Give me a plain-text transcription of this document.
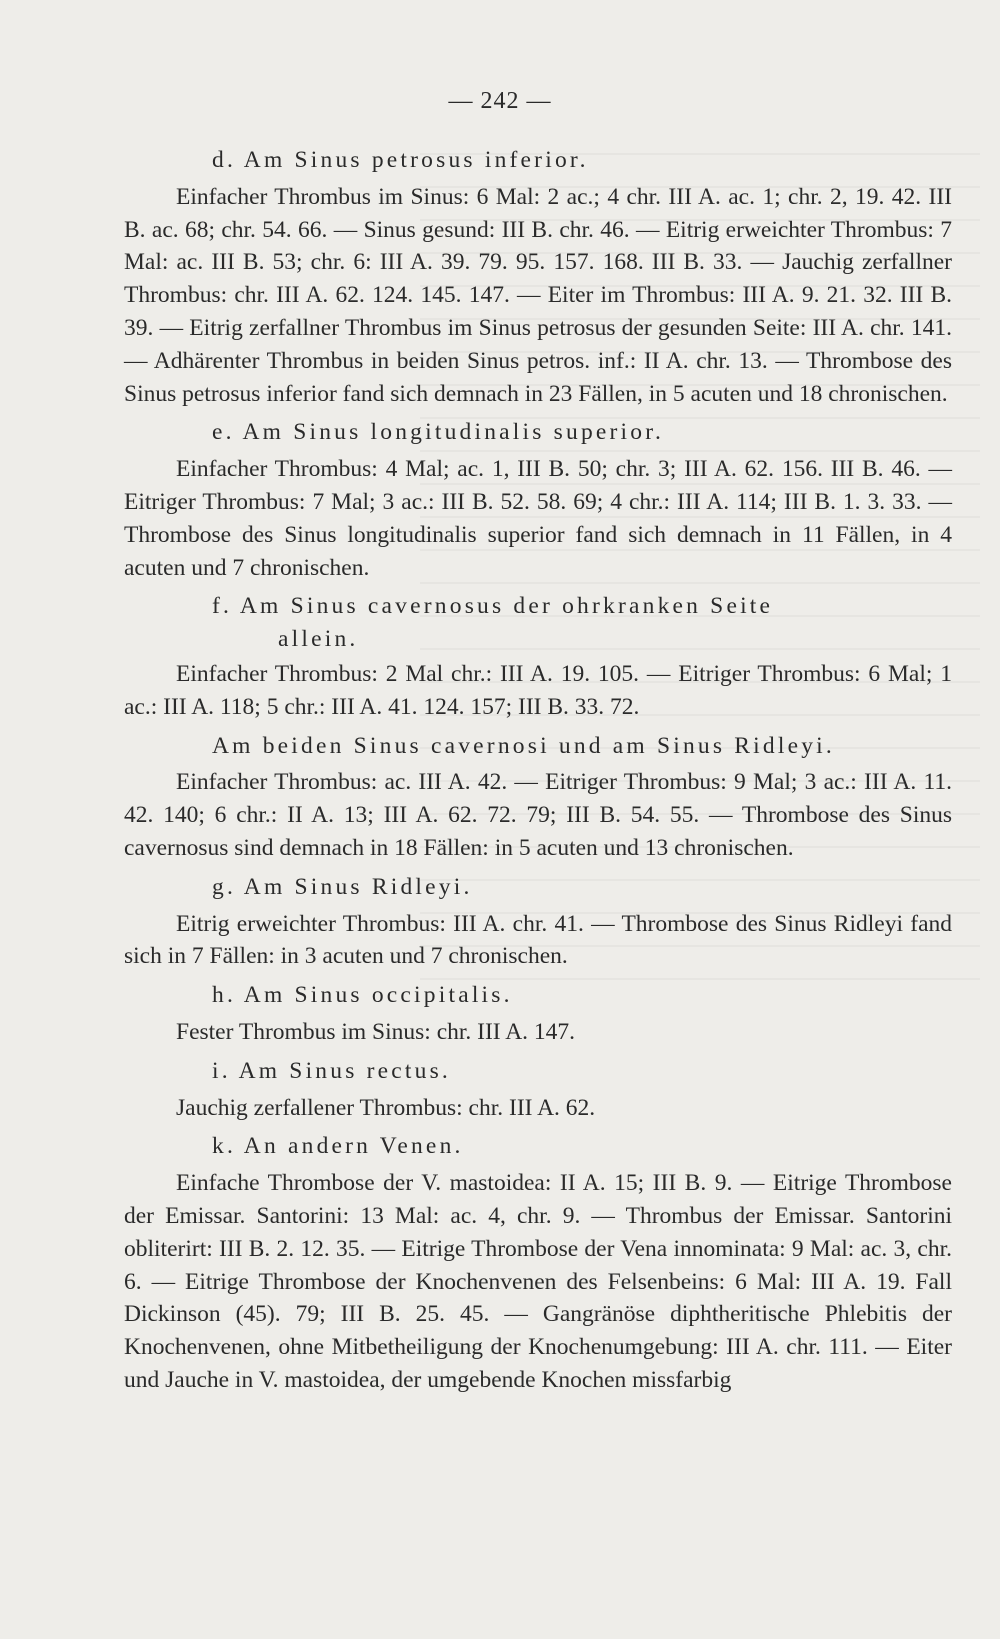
— 242 —

d. Am Sinus petrosus inferior.

Einfacher Thrombus im Sinus: 6 Mal: 2 ac.; 4 chr. III A. ac. 1; chr. 2, 19. 42. III B. ac. 68; chr. 54. 66. — Sinus gesund: III B. chr. 46. — Eitrig erweichter Thrombus: 7 Mal: ac. III B. 53; chr. 6: III A. 39. 79. 95. 157. 168. III B. 33. — Jauchig zerfallner Thrombus: chr. III A. 62. 124. 145. 147. — Eiter im Thrombus: III A. 9. 21. 32. III B. 39. — Eitrig zerfallner Thrombus im Sinus petrosus der gesunden Seite: III A. chr. 141. — Adhärenter Thrombus in beiden Sinus petros. inf.: II A. chr. 13. — Thrombose des Sinus petrosus inferior fand sich demnach in 23 Fällen, in 5 acuten und 18 chronischen.

e. Am Sinus longitudinalis superior.

Einfacher Thrombus: 4 Mal; ac. 1, III B. 50; chr. 3; III A. 62. 156. III B. 46. — Eitriger Thrombus: 7 Mal; 3 ac.: III B. 52. 58. 69; 4 chr.: III A. 114; III B. 1. 3. 33. — Thrombose des Sinus longitudinalis superior fand sich demnach in 11 Fällen, in 4 acuten und 7 chronischen.

f. Am Sinus cavernosus der ohrkranken Seite
allein.

Einfacher Thrombus: 2 Mal chr.: III A. 19. 105. — Eitriger Thrombus: 6 Mal; 1 ac.: III A. 118; 5 chr.: III A. 41. 124. 157; III B. 33. 72.

Am beiden Sinus cavernosi und am Sinus Ridleyi.

Einfacher Thrombus: ac. III A. 42. — Eitriger Thrombus: 9 Mal; 3 ac.: III A. 11. 42. 140; 6 chr.: II A. 13; III A. 62. 72. 79; III B. 54. 55. — Thrombose des Sinus cavernosus sind demnach in 18 Fällen: in 5 acuten und 13 chronischen.

g. Am Sinus Ridleyi.

Eitrig erweichter Thrombus: III A. chr. 41. — Thrombose des Sinus Ridleyi fand sich in 7 Fällen: in 3 acuten und 7 chronischen.

h. Am Sinus occipitalis.

Fester Thrombus im Sinus: chr. III A. 147.

i. Am Sinus rectus.

Jauchig zerfallener Thrombus: chr. III A. 62.

k. An andern Venen.

Einfache Thrombose der V. mastoidea: II A. 15; III B. 9. — Eitrige Thrombose der Emissar. Santorini: 13 Mal: ac. 4, chr. 9. — Thrombus der Emissar. Santorini obliterirt: III B. 2. 12. 35. — Eitrige Thrombose der Vena innominata: 9 Mal: ac. 3, chr. 6. — Eitrige Thrombose der Knochenvenen des Felsenbeins: 6 Mal: III A. 19. Fall Dickinson (45). 79; III B. 25. 45. — Gangränöse diphtheritische Phlebitis der Knochenvenen, ohne Mitbetheiligung der Knochenumgebung: III A. chr. 111. — Eiter und Jauche in V. mastoidea, der umgebende Knochen missfarbig
